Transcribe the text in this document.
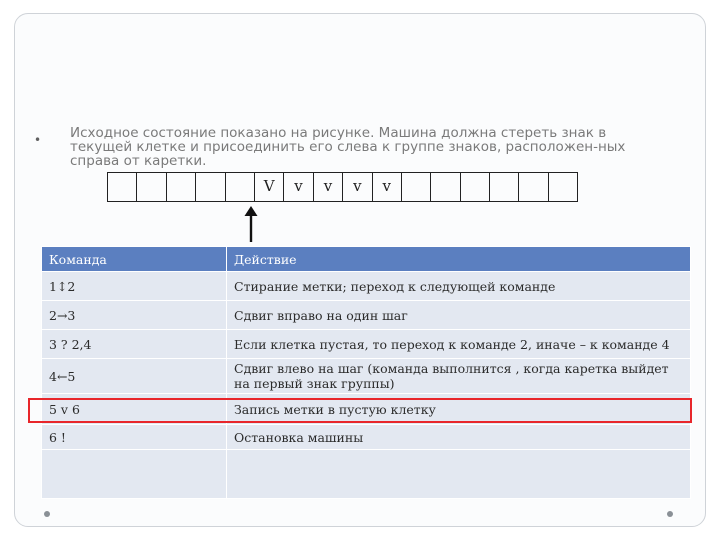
• Исходное состояние показано на рисунке. Машина должна стереть знак в текущей клетке и присоединить его слева к группе знаков, расположен-ных справа от каретки.

V	v	v	v	v
Команда	Действие
1↕2	Стирание метки; переход к следующей команде
2→3	Сдвиг вправо на один шаг
3 ? 2,4	Если клетка пустая, то переход к команде 2, иначе – к команде 4
4←5	Сдвиг влево на шаг (команда выполнится , когда каретка выйдет на первый знак группы)
5 v 6	Запись метки в пустую клетку
6 !	Остановка машины
